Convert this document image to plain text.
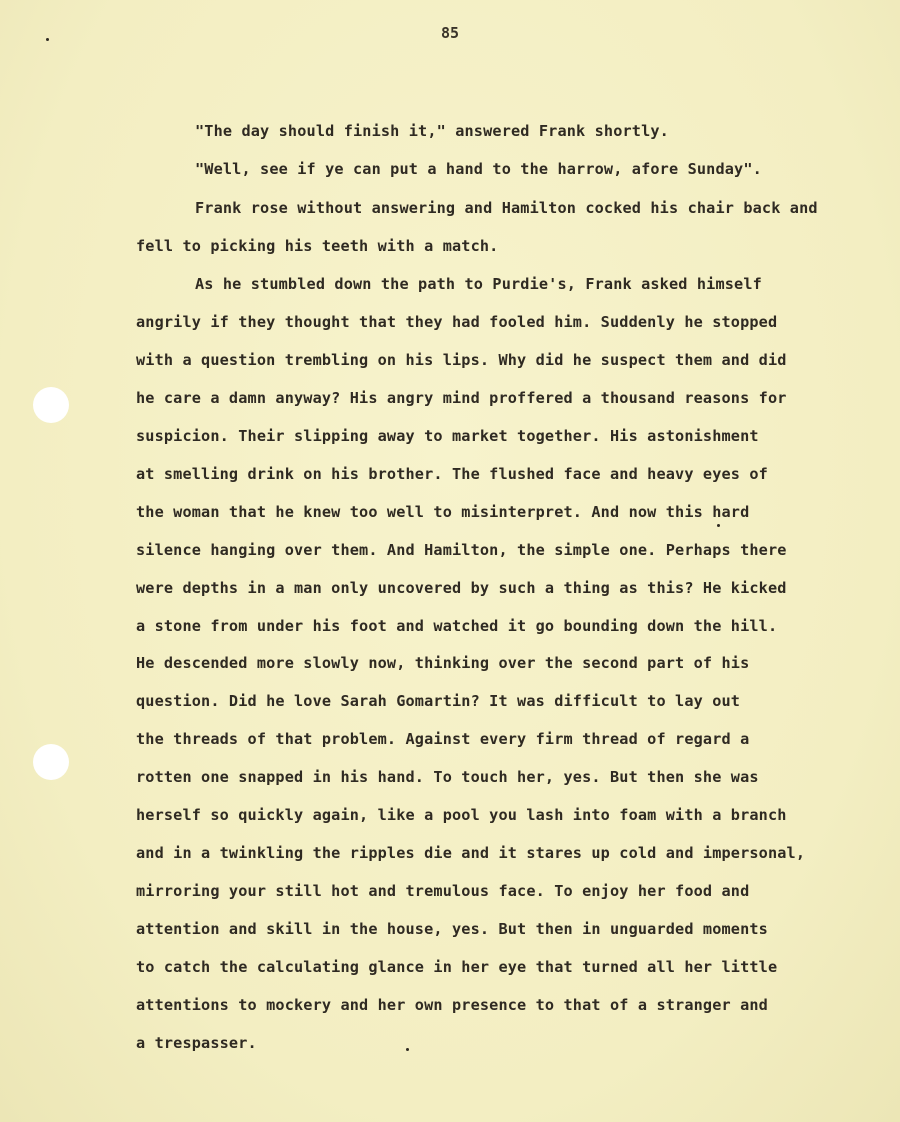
85
"The day should finish it," answered Frank shortly.
"Well, see if ye can put a hand to the harrow, afore Sunday".
Frank rose without answering and Hamilton cocked his chair back and
fell to picking his teeth with a match.
As he stumbled down the path to Purdie's, Frank asked himself
angrily if they thought that they had fooled him. Suddenly he stopped
with a question trembling on his lips. Why did he suspect them and did
he care a damn anyway? His angry mind proffered a thousand reasons for
suspicion. Their slipping away to market together. His astonishment
at smelling drink on his brother. The flushed face and heavy eyes of
the woman that he knew too well to misinterpret. And now this hard
silence hanging over them. And Hamilton, the simple one. Perhaps there
were depths in a man only uncovered by such a thing as this? He kicked
a stone from under his foot and watched it go bounding down the hill.
He descended more slowly now, thinking over the second part of his
question. Did he love Sarah Gomartin? It was difficult to lay out
the threads of that problem. Against every firm thread of regard a
rotten one snapped in his hand. To touch her, yes. But then she was
herself so quickly again, like a pool you lash into foam with a branch
and in a twinkling the ripples die and it stares up cold and impersonal,
mirroring your still hot and tremulous face. To enjoy her food and
attention and skill in the house, yes. But then in unguarded moments
to catch the calculating glance in her eye that turned all her little
attentions to mockery and her own presence to that of a stranger and
a trespasser.
